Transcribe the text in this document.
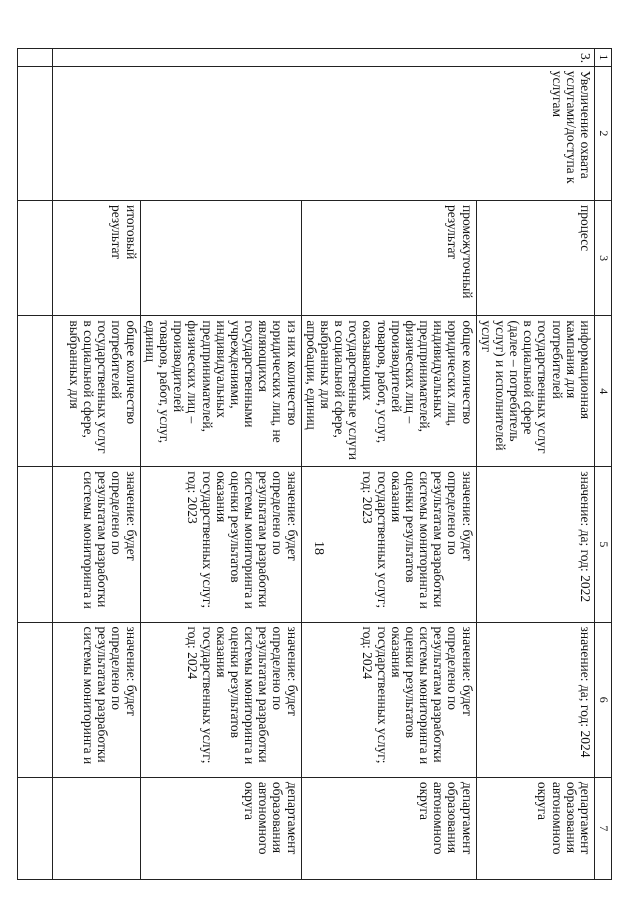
18
1	2	3	4	5	6	7
3.	Увеличение охвата услугами/доступа к услугам	процесс	информационная кампания для потребителей государственных услуг в социальной сфере (далее – потребитель услуг) и исполнителей услуг	значение: да; год: 2022	значение: да; год: 2024	департамент образования автономного округа
		промежуточный результат	общее количество юридических лиц, индивидуальных предпринимателей, физических лиц – производителей товаров, работ, услуг, оказывающих государственные услуги в социальной сфере, выбранных для апробации, единиц	значение: будет определено по результатам разработки системы мониторинга и оценки результатов оказания государственных услуг; год: 2023	значение: будет определено по результатам разработки системы мониторинга и оценки результатов оказания государственных услуг; год: 2024	департамент образования автономного округа
			из них количество юридических лиц, не являющихся государственными учреждениями, индивидуальных предпринимателей, физических лиц – производителей товаров, работ, услуг, единиц	значение: будет определено по результатам разработки системы мониторинга и оценки результатов оказания государственных услуг; год: 2023	значение: будет определено по результатам разработки системы мониторинга и оценки результатов оказания государственных услуг; год: 2024	департамент образования автономного округа
		итоговый результат	общее количество потребителей государственных услуг в социальной сфере, выбранных для	значение: будет определено по результатам разработки системы мониторинга и	значение: будет определено по результатам разработки системы мониторинга и	
